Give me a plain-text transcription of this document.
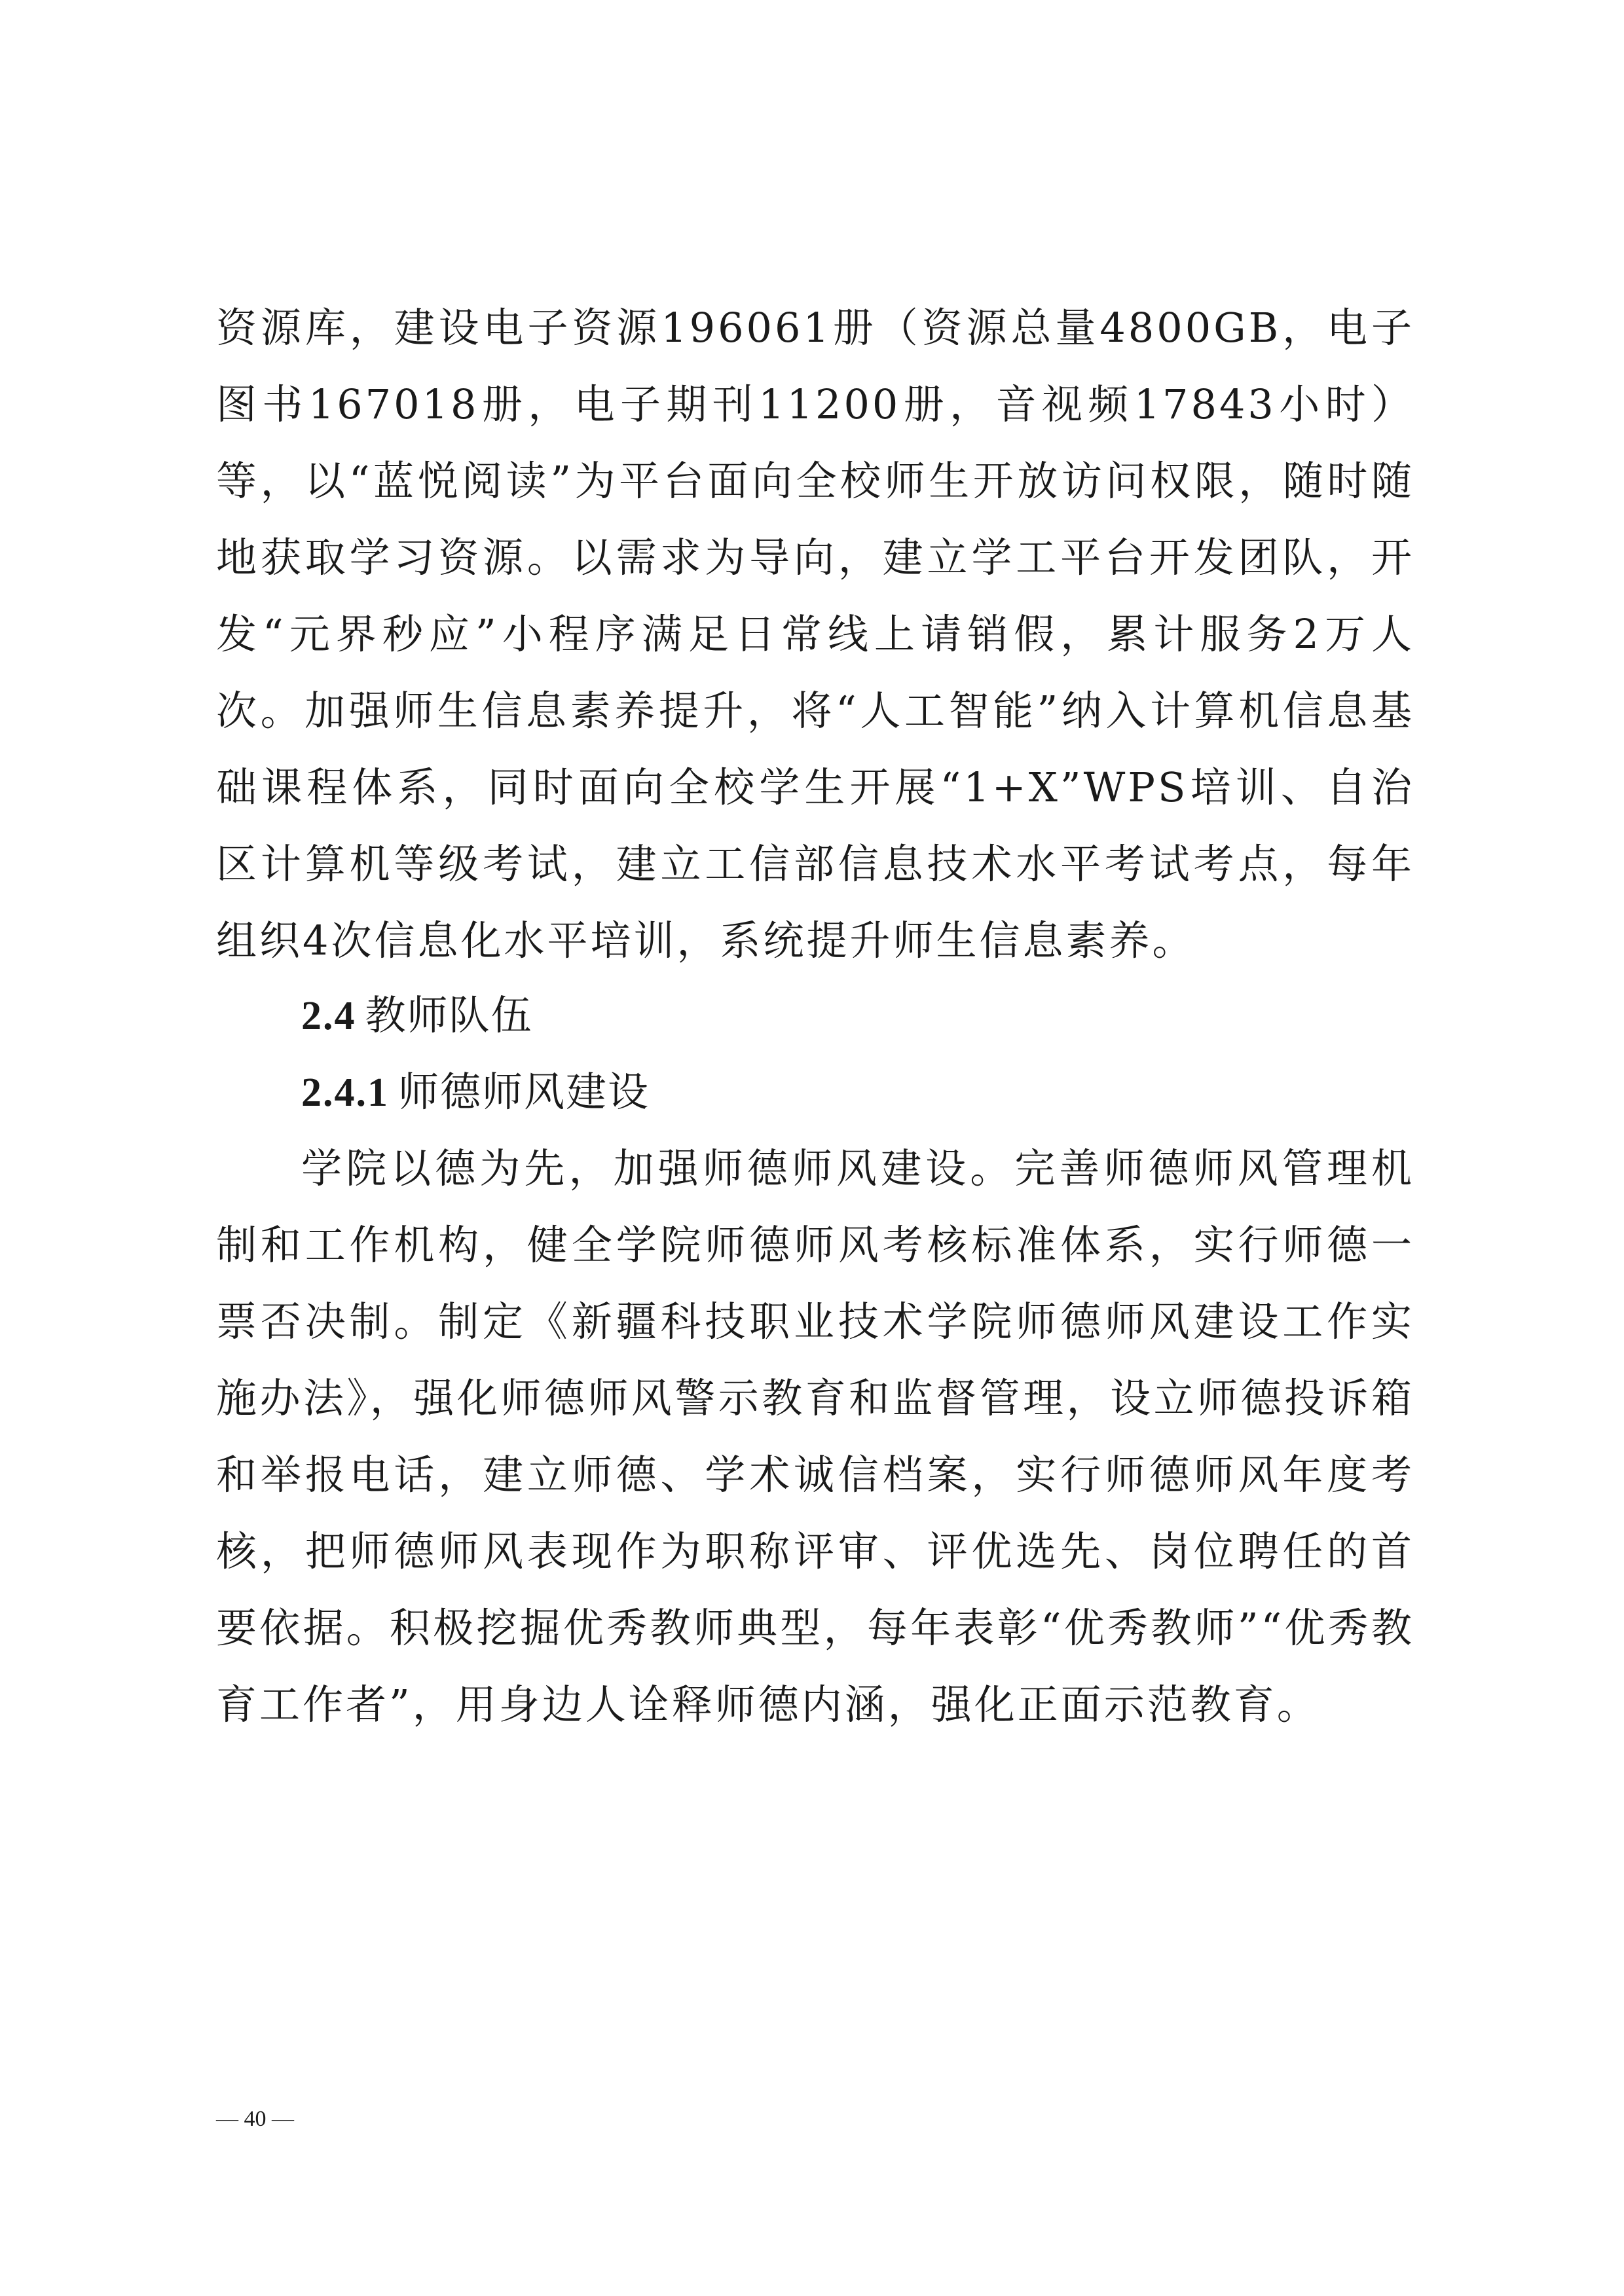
资源库，建设电子资源196061册（资源总量4800GB，电子图书167018册，电子期刊11200册，音视频17843小时）等，以“蓝悦阅读”为平台面向全校师生开放访问权限，随时随地获取学习资源。以需求为导向，建立学工平台开发团队，开发“元界秒应”小程序满足日常线上请销假，累计服务2万人次。加强师生信息素养提升，将“人工智能”纳入计算机信息基础课程体系，同时面向全校学生开展“1+X”WPS培训、自治区计算机等级考试，建立工信部信息技术水平考试考点，每年组织4次信息化水平培训，系统提升师生信息素养。

2.4 教师队伍
2.4.1 师德师风建设

学院以德为先，加强师德师风建设。完善师德师风管理机制和工作机构，健全学院师德师风考核标准体系，实行师德一票否决制。制定《新疆科技职业技术学院师德师风建设工作实施办法》，强化师德师风警示教育和监督管理，设立师德投诉箱和举报电话，建立师德、学术诚信档案，实行师德师风年度考核，把师德师风表现作为职称评审、评优选先、岗位聘任的首要依据。积极挖掘优秀教师典型，每年表彰“优秀教师”“优秀教育工作者”，用身边人诠释师德内涵，强化正面示范教育。

— 40 —
